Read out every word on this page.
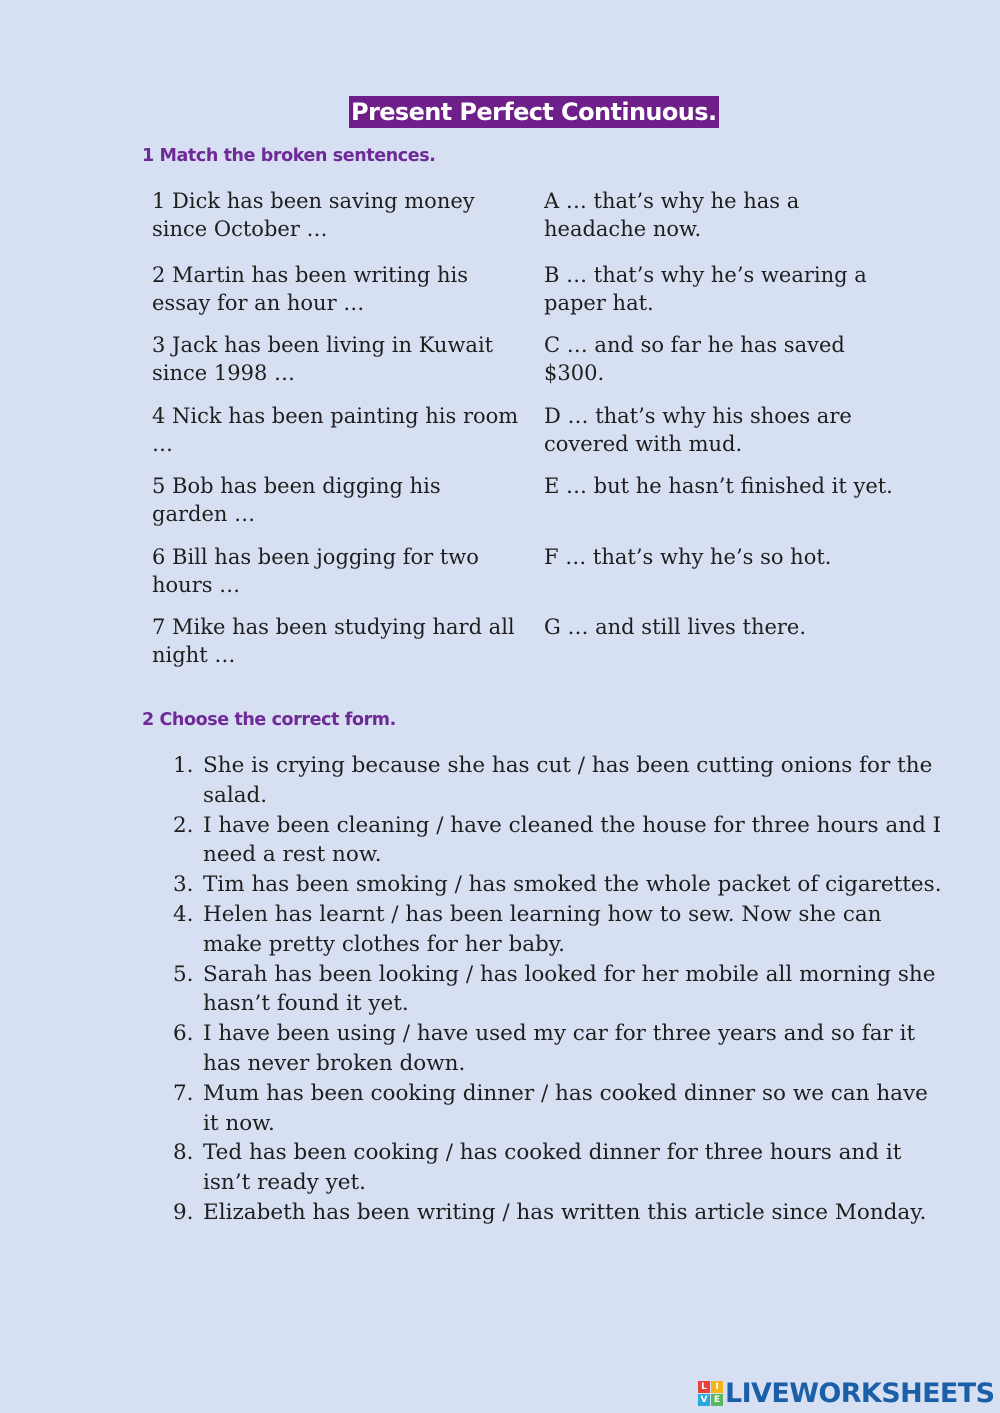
Present Perfect Continuous.
1 Match the broken sentences.
1 Dick has been saving money since October …
A … that’s why he has a headache now.
2 Martin has been writing his essay for an hour …
B … that’s why he’s wearing a paper hat.
3 Jack has been living in Kuwait since 1998 …
C … and so far he has saved $300.
4 Nick has been painting his room …
D … that’s why his shoes are covered with mud.
5 Bob has been digging his garden …
E … but he hasn’t finished it yet.
6 Bill has been jogging for two hours …
F … that’s why he’s so hot.
7 Mike has been studying hard all night …
G … and still lives there.
2 Choose the correct form.
1. She is crying because she has cut / has been cutting onions for the salad.
2. I have been cleaning / have cleaned the house for three hours and I need a rest now.
3. Tim has been smoking / has smoked the whole packet of cigarettes.
4. Helen has learnt / has been learning how to sew. Now she can make pretty clothes for her baby.
5. Sarah has been looking / has looked for her mobile all morning she hasn’t found it yet.
6. I have been using / have used my car for three years and so far it has never broken down.
7. Mum has been cooking dinner / has cooked dinner so we can have it now.
8. Ted has been cooking / has cooked dinner for three hours and it isn’t ready yet.
9. Elizabeth has been writing / has written this article since Monday.
L I
V E LIVEWORKSHEETS
